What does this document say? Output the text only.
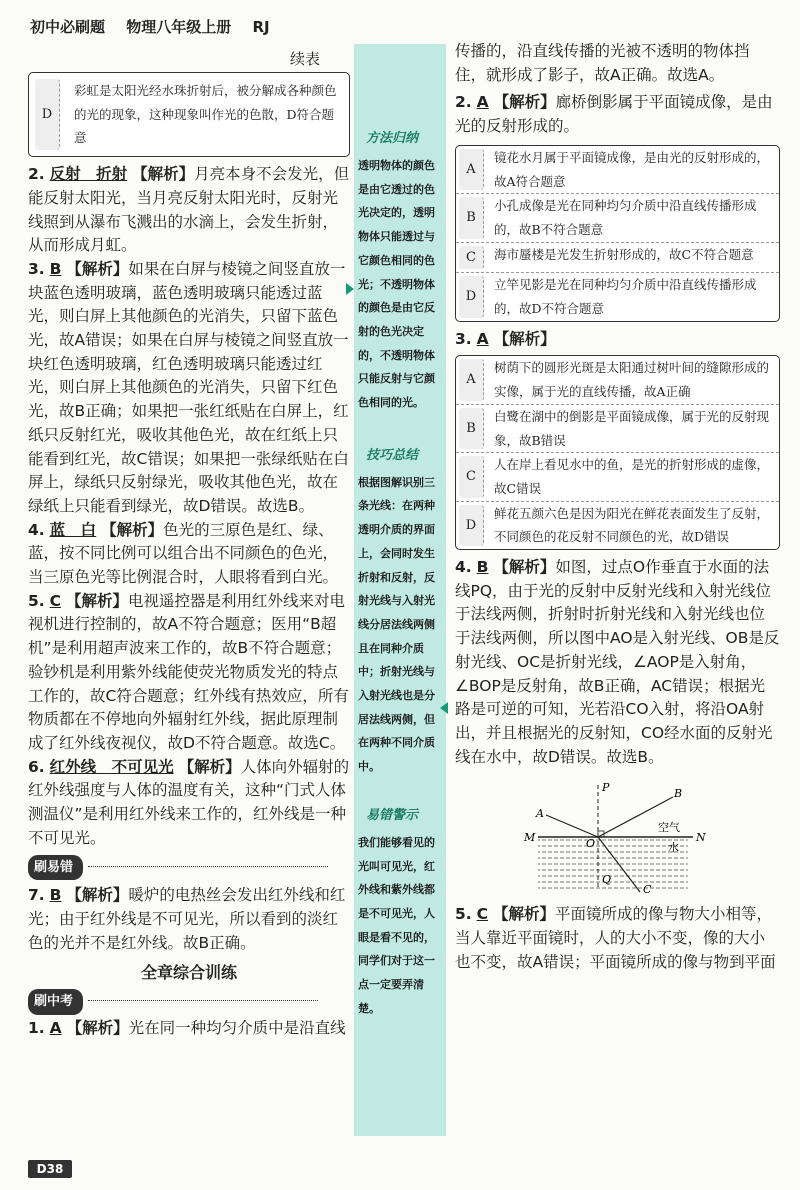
初中必刷题 物理八年级上册 RJ
续表
D
彩虹是太阳光经水珠折射后，被分解成各种颜色的光的现象，这种现象叫作光的色散，D符合题意

2. 反射　折射 【解析】月亮本身不会发光，但能反射太阳光，当月亮反射太阳光时，反射光线照到从瀑布飞溅出的水滴上，会发生折射，从而形成月虹。

3. B 【解析】如果在白屏与棱镜之间竖直放一块蓝色透明玻璃，蓝色透明玻璃只能透过蓝光，则白屏上其他颜色的光消失，只留下蓝色光，故A错误；如果在白屏与棱镜之间竖直放一块红色透明玻璃，红色透明玻璃只能透过红光，则白屏上其他颜色的光消失，只留下红色光，故B正确；如果把一张红纸贴在白屏上，红纸只反射红光，吸收其他色光，故在红纸上只能看到红光，故C错误；如果把一张绿纸贴在白屏上，绿纸只反射绿光，吸收其他色光，故在绿纸上只能看到绿光，故D错误。故选B。

4. 蓝　白 【解析】色光的三原色是红、绿、蓝，按不同比例可以组合出不同颜色的色光，当三原色光等比例混合时，人眼将看到白光。

5. C 【解析】电视遥控器是利用红外线来对电视机进行控制的，故A不符合题意；医用“B超机”是利用超声波来工作的，故B不符合题意；验钞机是利用紫外线能使荧光物质发光的特点工作的，故C符合题意；红外线有热效应，所有物质都在不停地向外辐射红外线，据此原理制成了红外线夜视仪，故D不符合题意。故选C。

6. 红外线　不可见光 【解析】人体向外辐射的红外线强度与人体的温度有关，这种“门式人体测温仪”是利用红外线来工作的，红外线是一种不可见光。

刷易错

7. B 【解析】暖炉的电热丝会发出红外线和红光；由于红外线是不可见光，所以看到的淡红色的光并不是红外线。故B正确。

全章综合训练
刷中考

1. A 【解析】光在同一种均匀介质中是沿直线

方法归纳
透明物体的颜色是由它透过的色光决定的，透明物体只能透过与它颜色相同的色光；不透明物体的颜色是由它反射的色光决定的，不透明物体只能反射与它颜色相同的光。
技巧总结
根据图解识别三条光线：在两种透明介质的界面上，会同时发生折射和反射，反射光线与入射光线分居法线两侧且在同种介质中；折射光线与入射光线也是分居法线两侧，但在两种不同介质中。
易错警示
我们能够看见的光叫可见光，红外线和紫外线都是不可见光，人眼是看不见的，同学们对于这一点一定要弄清楚。

传播的，沿直线传播的光被不透明的物体挡住，就形成了影子，故A正确。故选A。

2. A 【解析】廊桥倒影属于平面镜成像，是由光的反射形成的。

A
镜花水月属于平面镜成像，是由光的反射形成的，故A符合题意
B
小孔成像是光在同种均匀介质中沿直线传播形成的，故B不符合题意
C	海市蜃楼是光发生折射形成的，故C不符合题意
D
立竿见影是光在同种均匀介质中沿直线传播形成的，故D不符合题意

3. A 【解析】

A
树荫下的圆形光斑是太阳通过树叶间的缝隙形成的实像，属于光的直线传播，故A正确
B
白鹭在湖中的倒影是平面镜成像，属于光的反射现象，故B错误
C
人在岸上看见水中的鱼，是光的折射形成的虚像，故C错误
D
鲜花五颜六色是因为阳光在鲜花表面发生了反射，不同颜色的花反射不同颜色的光，故D错误

4. B 【解析】如图，过点O作垂直于水面的法线PQ，由于光的反射中反射光线和入射光线位于法线两侧，折射时折射光线和入射光线也位于法线两侧，所以图中AO是入射光线、OB是反射光线、OC是折射光线，∠AOP是入射角，∠BOP是反射角，故B正确，AC错误；根据光路是可逆的可知，光若沿CO入射，将沿OA射出，并且根据光的反射知，CO经水面的反射光线在水中，故D错误。故选B。

P
Q
A
B
C
M	N
O
空气
水

5. C 【解析】平面镜所成的像与物大小相等，当人靠近平面镜时，人的大小不变，像的大小也不变，故A错误；平面镜所成的像与物到平面

D38
